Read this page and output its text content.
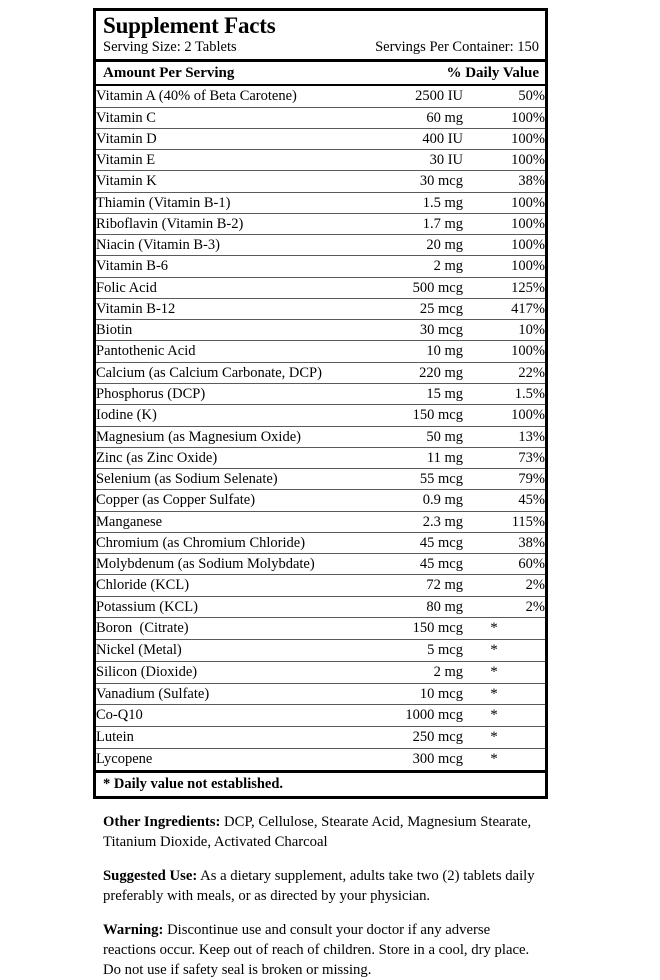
Supplement Facts
Serving Size: 2 Tablets	Servings Per Container: 150
Amount Per Serving	% Daily Value
Vitamin A (40% of Beta Carotene)	2500 IU	50%
Vitamin C	60 mg	100%
Vitamin D	400 IU	100%
Vitamin E	30 IU	100%
Vitamin K	30 mcg	38%
Thiamin (Vitamin B-1)	1.5 mg	100%
Riboflavin (Vitamin B-2)	1.7 mg	100%
Niacin (Vitamin B-3)	20 mg	100%
Vitamin B-6	2 mg	100%
Folic Acid	500 mcg	125%
Vitamin B-12	25 mcg	417%
Biotin	30 mcg	10%
Pantothenic Acid	10 mg	100%
Calcium (as Calcium Carbonate, DCP)	220 mg	22%
Phosphorus (DCP)	15 mg	1.5%
Iodine (K)	150 mcg	100%
Magnesium (as Magnesium Oxide)	50 mg	13%
Zinc (as Zinc Oxide)	11 mg	73%
Selenium (as Sodium Selenate)	55 mcg	79%
Copper (as Copper Sulfate)	0.9 mg	45%
Manganese	2.3 mg	115%
Chromium (as Chromium Chloride)	45 mcg	38%
Molybdenum (as Sodium Molybdate)	45 mcg	60%
Chloride (KCL)	72 mg	2%
Potassium (KCL)	80 mg	2%
Boron  (Citrate)	150 mcg	*
Nickel (Metal)	5 mcg	*
Silicon (Dioxide)	2 mg	*
Vanadium (Sulfate)	10 mcg	*
Co-Q10	1000 mcg	*
Lutein	250 mcg	*
Lycopene	300 mcg	*
* Daily value not established.

Other Ingredients: DCP, Cellulose, Stearate Acid, Magnesium Stearate, Titanium Dioxide, Activated Charcoal

Suggested Use: As a dietary supplement, adults take two (2) tablets daily preferably with meals, or as directed by your physician.

Warning: Discontinue use and consult your doctor if any adverse reactions occur. Keep out of reach of children. Store in a cool, dry place. Do not use if safety seal is broken or missing.
